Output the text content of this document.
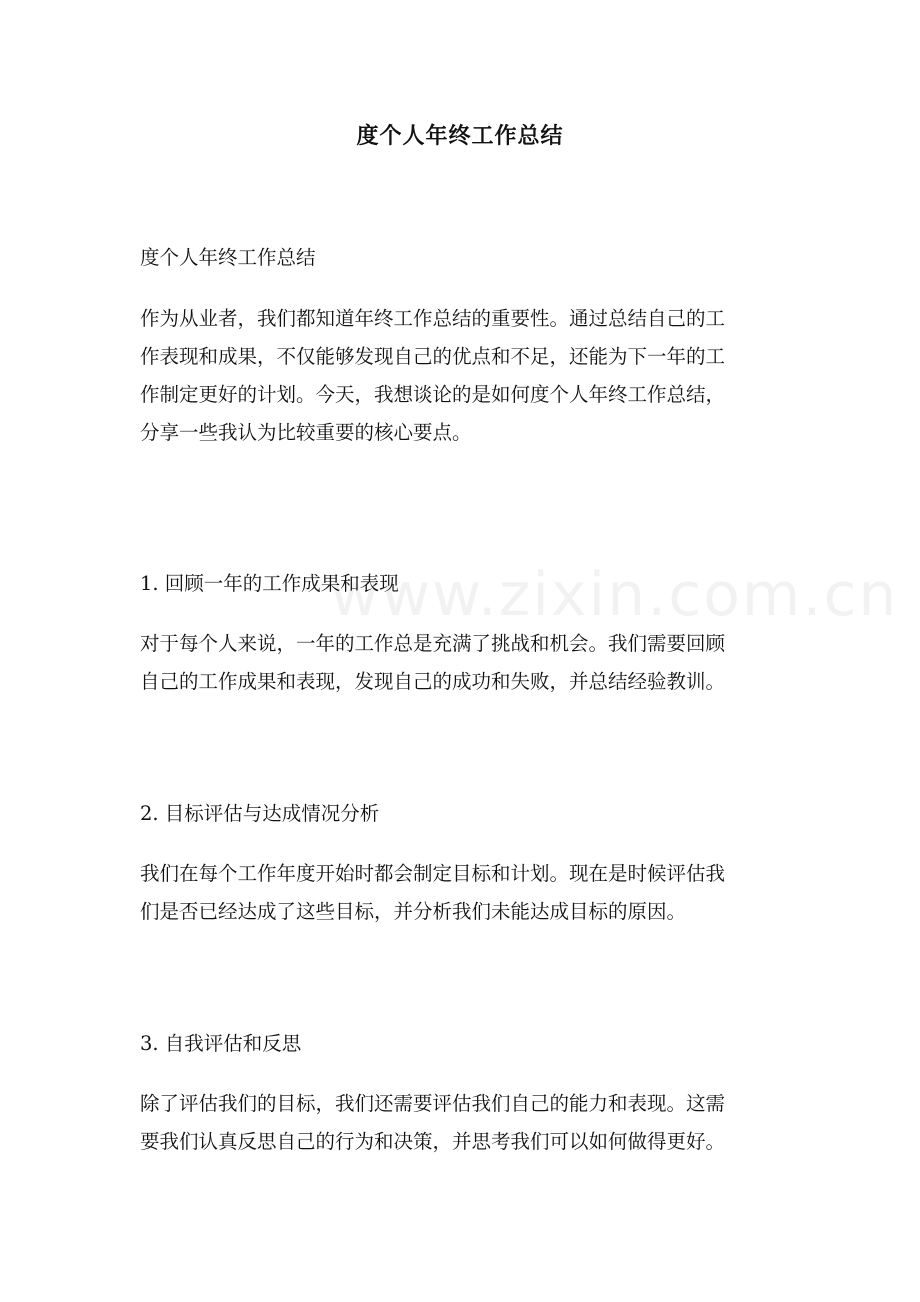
www.zixin.com.cn
度个人年终工作总结
度个人年终工作总结
作为从业者，我们都知道年终工作总结的重要性。通过总结自己的工
作表现和成果，不仅能够发现自己的优点和不足，还能为下一年的工
作制定更好的计划。今天，我想谈论的是如何度个人年终工作总结，
分享一些我认为比较重要的核心要点。
1. 回顾一年的工作成果和表现
对于每个人来说，一年的工作总是充满了挑战和机会。我们需要回顾
自己的工作成果和表现，发现自己的成功和失败，并总结经验教训。
2. 目标评估与达成情况分析
我们在每个工作年度开始时都会制定目标和计划。现在是时候评估我
们是否已经达成了这些目标，并分析我们未能达成目标的原因。
3. 自我评估和反思
除了评估我们的目标，我们还需要评估我们自己的能力和表现。这需
要我们认真反思自己的行为和决策，并思考我们可以如何做得更好。
